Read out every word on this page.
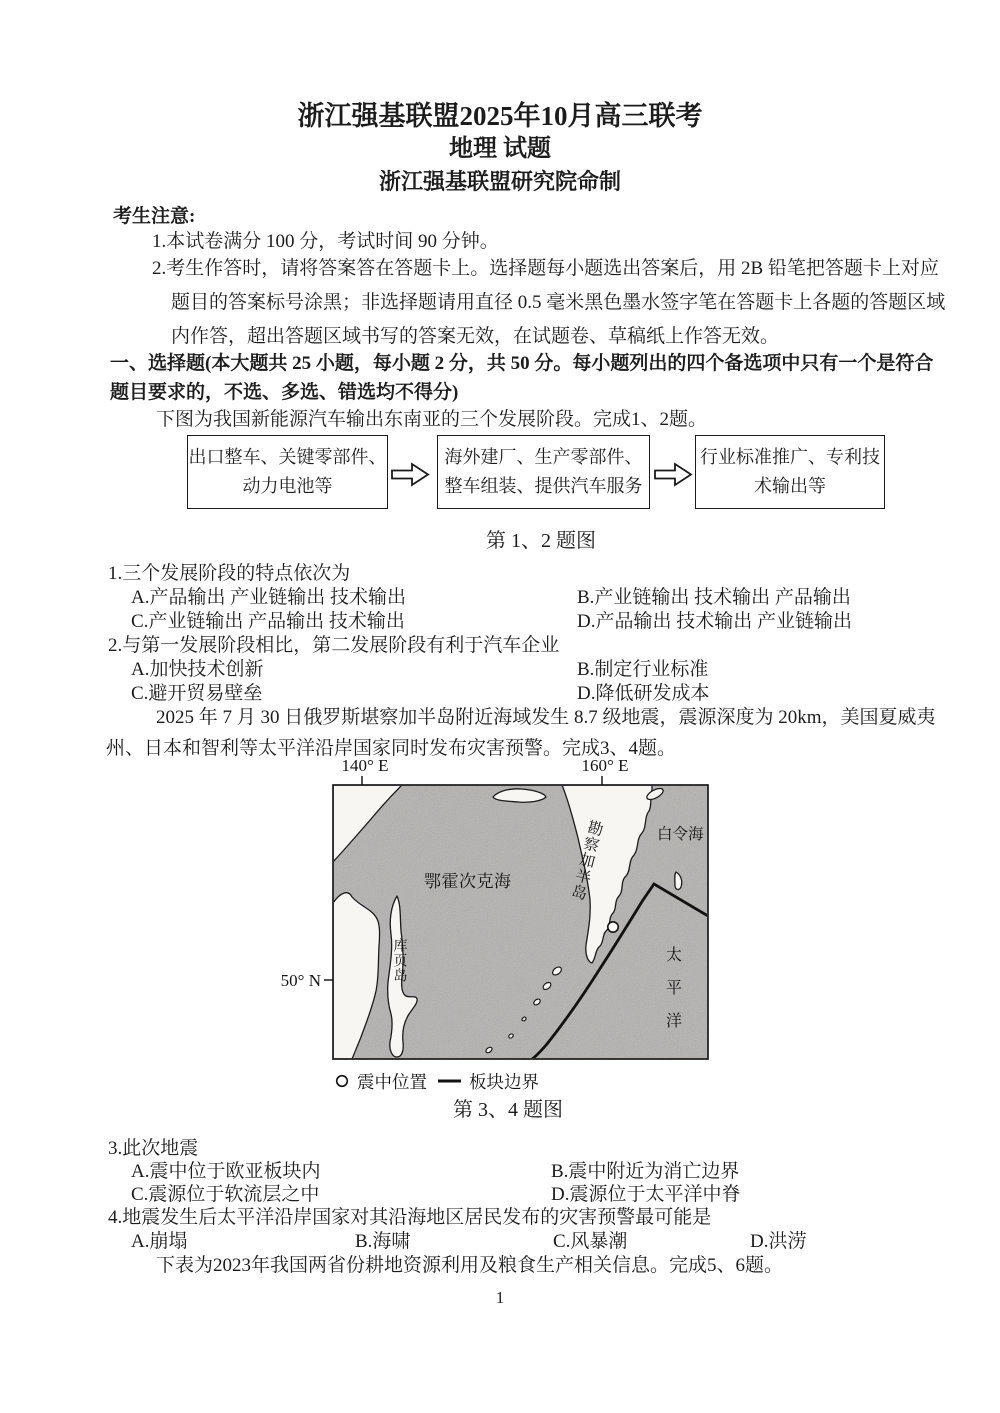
浙江强基联盟2025年10月高三联考
地理 试题
浙江强基联盟研究院命制
考生注意:
1.本试卷满分 100 分，考试时间 90 分钟。
2.考生作答时，请将答案答在答题卡上。选择题每小题选出答案后，用 2B 铅笔把答题卡上对应
题目的答案标号涂黑；非选择题请用直径 0.5 毫米黑色墨水签字笔在答题卡上各题的答题区域
内作答，超出答题区域书写的答案无效，在试题卷、草稿纸上作答无效。
一、选择题(本大题共 25 小题，每小题 2 分，共 50 分。每小题列出的四个备选项中只有一个是符合
题目要求的，不选、多选、错选均不得分)
下图为我国新能源汽车输出东南亚的三个发展阶段。完成1、2题。
出口整车、关键零部件、
动力电池等
海外建厂、生产零部件、
整车组装、提供汽车服务
行业标准推广、专利技
术输出等
第 1、2 题图
1.三个发展阶段的特点依次为
A.产品输出 产业链输出 技术输出	B.产业链输出 技术输出 产品输出
C.产业链输出 产品输出 技术输出	D.产品输出 技术输出 产业链输出
2.与第一发展阶段相比，第二发展阶段有利于汽车企业
A.加快技术创新	B.制定行业标准
C.避开贸易壁垒	D.降低研发成本
2025 年 7 月 30 日俄罗斯堪察加半岛附近海域发生 8.7 级地震，震源深度为 20km，美国夏威夷
州、日本和智利等太平洋沿岸国家同时发布灾害预警。完成3、4题。
140° E	160° E
50° N
鄂霍次克海
白令海
勘察加半岛
库页岛	太平洋
震中位置 板块边界
第 3、4 题图
3.此次地震
A.震中位于欧亚板块内	B.震中附近为消亡边界
C.震源位于软流层之中	D.震源位于太平洋中脊
4.地震发生后太平洋沿岸国家对其沿海地区居民发布的灾害预警最可能是
A.崩塌	B.海啸	C.风暴潮	D.洪涝
下表为2023年我国两省份耕地资源利用及粮食生产相关信息。完成5、6题。
1
